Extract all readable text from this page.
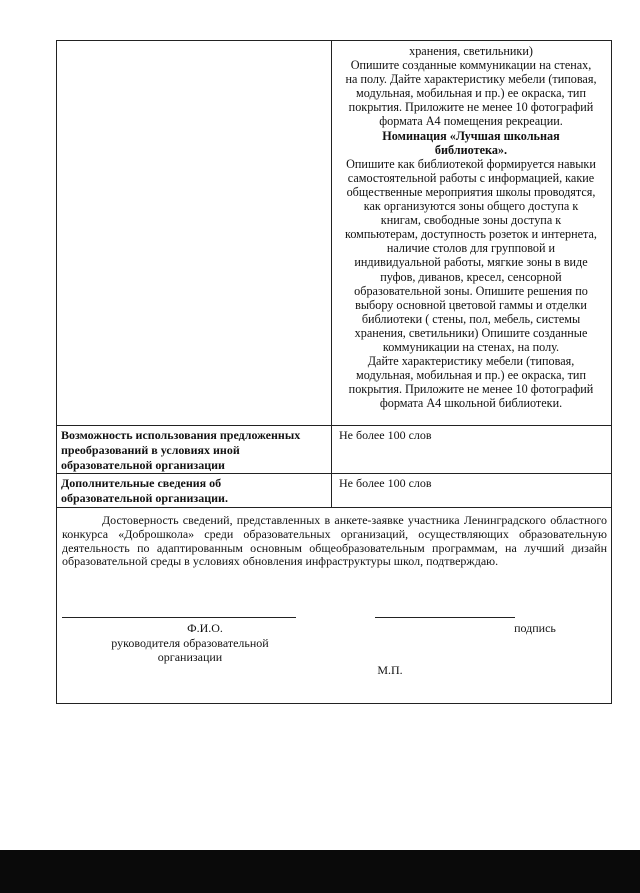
хранения, светильники)

Опишите созданные коммуникации на стенах,

на полу. Дайте характеристику мебели (типовая,

модульная, мобильная и пр.) ее окраска, тип

покрытия. Приложите не менее 10 фотографий

формата А4 помещения рекреации.

Номинация «Лучшая школьная

библиотека».

Опишите как библиотекой формируется навыки

самостоятельной работы с информацией, какие

общественные мероприятия школы проводятся,

как организуются зоны общего доступа к

книгам, свободные зоны доступа к

компьютерам, доступность розеток и интернета,

наличие столов для групповой и

индивидуальной работы, мягкие зоны в виде

пуфов, диванов, кресел, сенсорной

образовательной зоны. Опишите решения по

выбору основной цветовой гаммы и отделки

библиотеки ( стены, пол, мебель, системы

хранения, светильники) Опишите созданные

коммуникации на стенах, на полу.

Дайте характеристику мебели (типовая,

модульная, мобильная и пр.) ее окраска, тип

покрытия. Приложите не менее 10 фотографий

формата А4 школьной библиотеки.

Возможность использования предложенных
преобразований в условиях иной
образовательной организации
Не более 100 слов
Дополнительные сведения об
образовательной организации.
Не более 100 слов
Достоверность сведений, представленных в анкете-заявке участника Ленинградского областного конкурса «Доброшкола» среди образовательных организаций, осуществляющих образовательную деятельность по адаптированным основным общеобразовательным программам, на лучший дизайн образовательной среды в условиях обновления инфраструктуры школ, подтверждаю.
Ф.И.О.
руководителя образовательной
организации
подпись
М.П.
